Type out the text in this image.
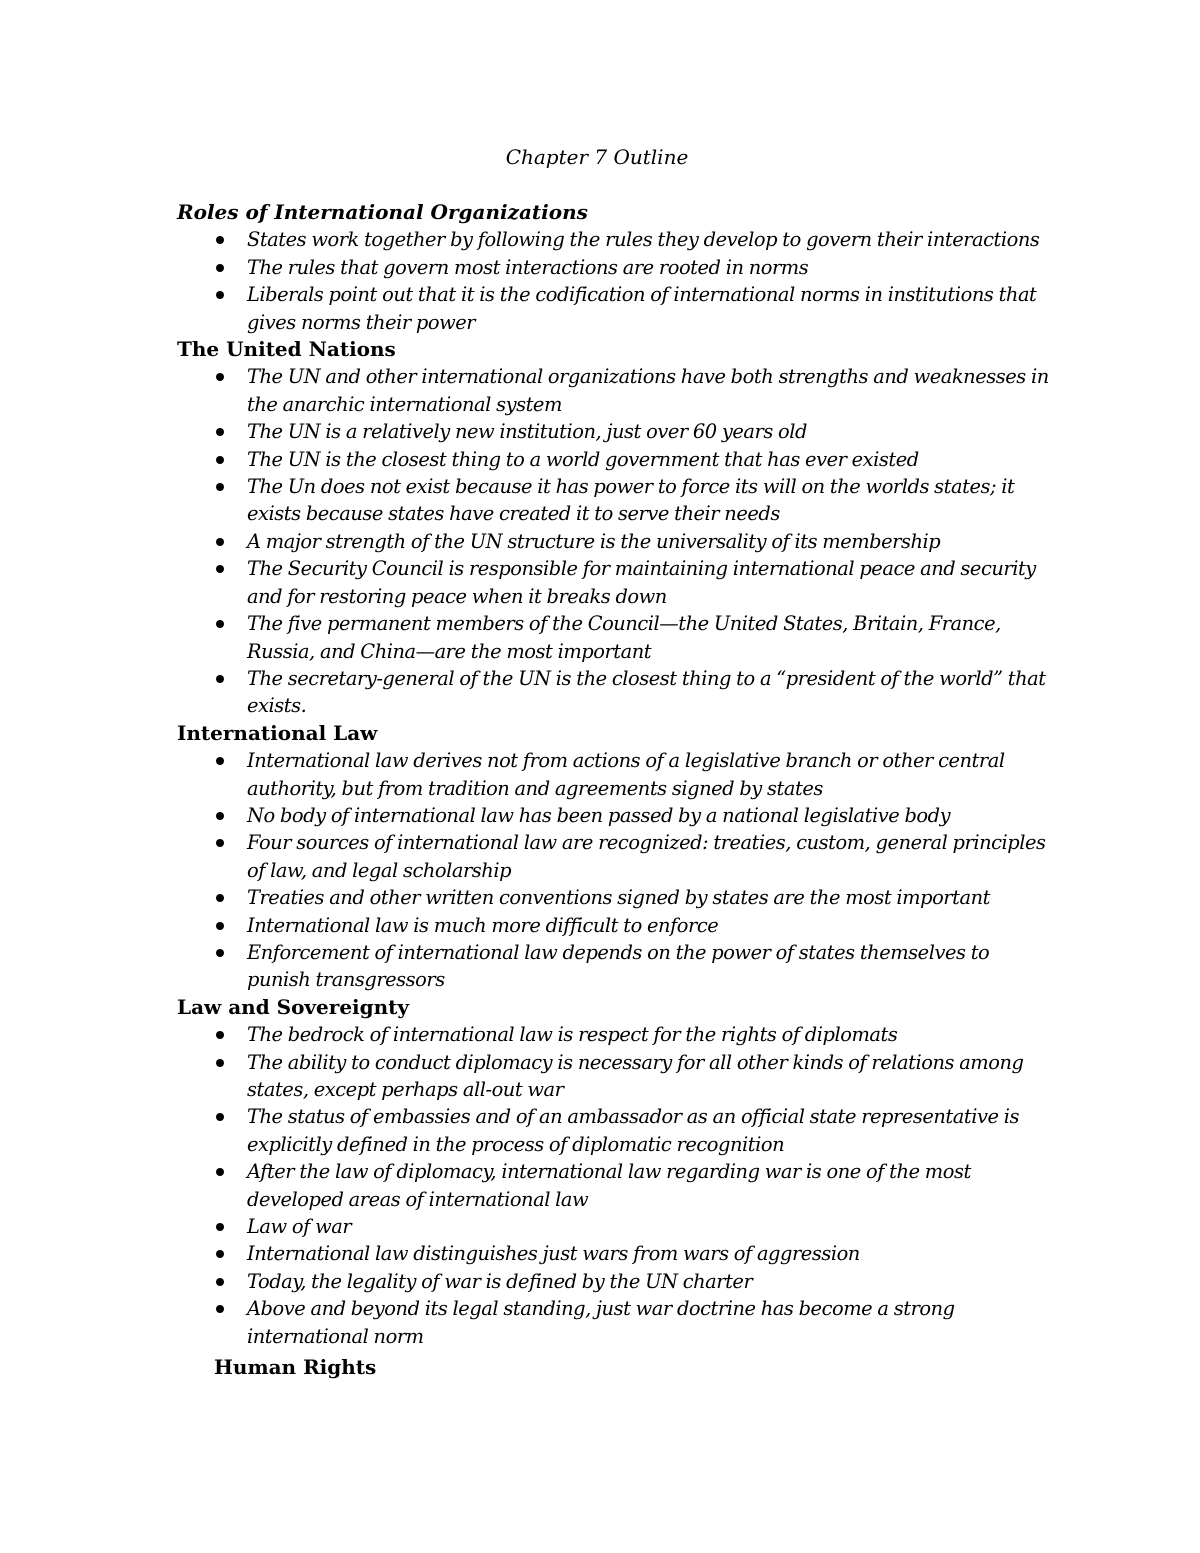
Chapter 7 Outline
Roles of International Organizations
States work together by following the rules they develop to govern their interactions
The rules that govern most interactions are rooted in norms
Liberals point out that it is the codification of international norms in institutions that gives norms their power
The United Nations
The UN and other international organizations have both strengths and weaknesses in the anarchic international system
The UN is a relatively new institution, just over 60 years old
The UN is the closest thing to a world government that has ever existed
The Un does not exist because it has power to force its will on the worlds states; it exists because states have created it to serve their needs
A major strength of the UN structure is the universality of its membership
The Security Council is responsible for maintaining international peace and security and for restoring peace when it breaks down
The five permanent members of the Council—the United States, Britain, France, Russia, and China—are the most important
The secretary-general of the UN is the closest thing to a “president of the world” that exists.
International Law
International law derives not from actions of a legislative branch or other central authority, but from tradition and agreements signed by states
No body of international law has been passed by a national legislative body
Four sources of international law are recognized: treaties, custom, general principles of law, and legal scholarship
Treaties and other written conventions signed by states are the most important
International law is much more difficult to enforce
Enforcement of international law depends on the power of states themselves to punish transgressors
Law and Sovereignty
The bedrock of international law is respect for the rights of diplomats
The ability to conduct diplomacy is necessary for all other kinds of relations among states, except perhaps all-out war
The status of embassies and of an ambassador as an official state representative is explicitly defined in the process of diplomatic recognition
After the law of diplomacy, international law regarding war is one of the most developed areas of international law
Law of war
International law distinguishes just wars from wars of aggression
Today, the legality of war is defined by the UN charter
Above and beyond its legal standing, just war doctrine has become a strong international norm
Human Rights
